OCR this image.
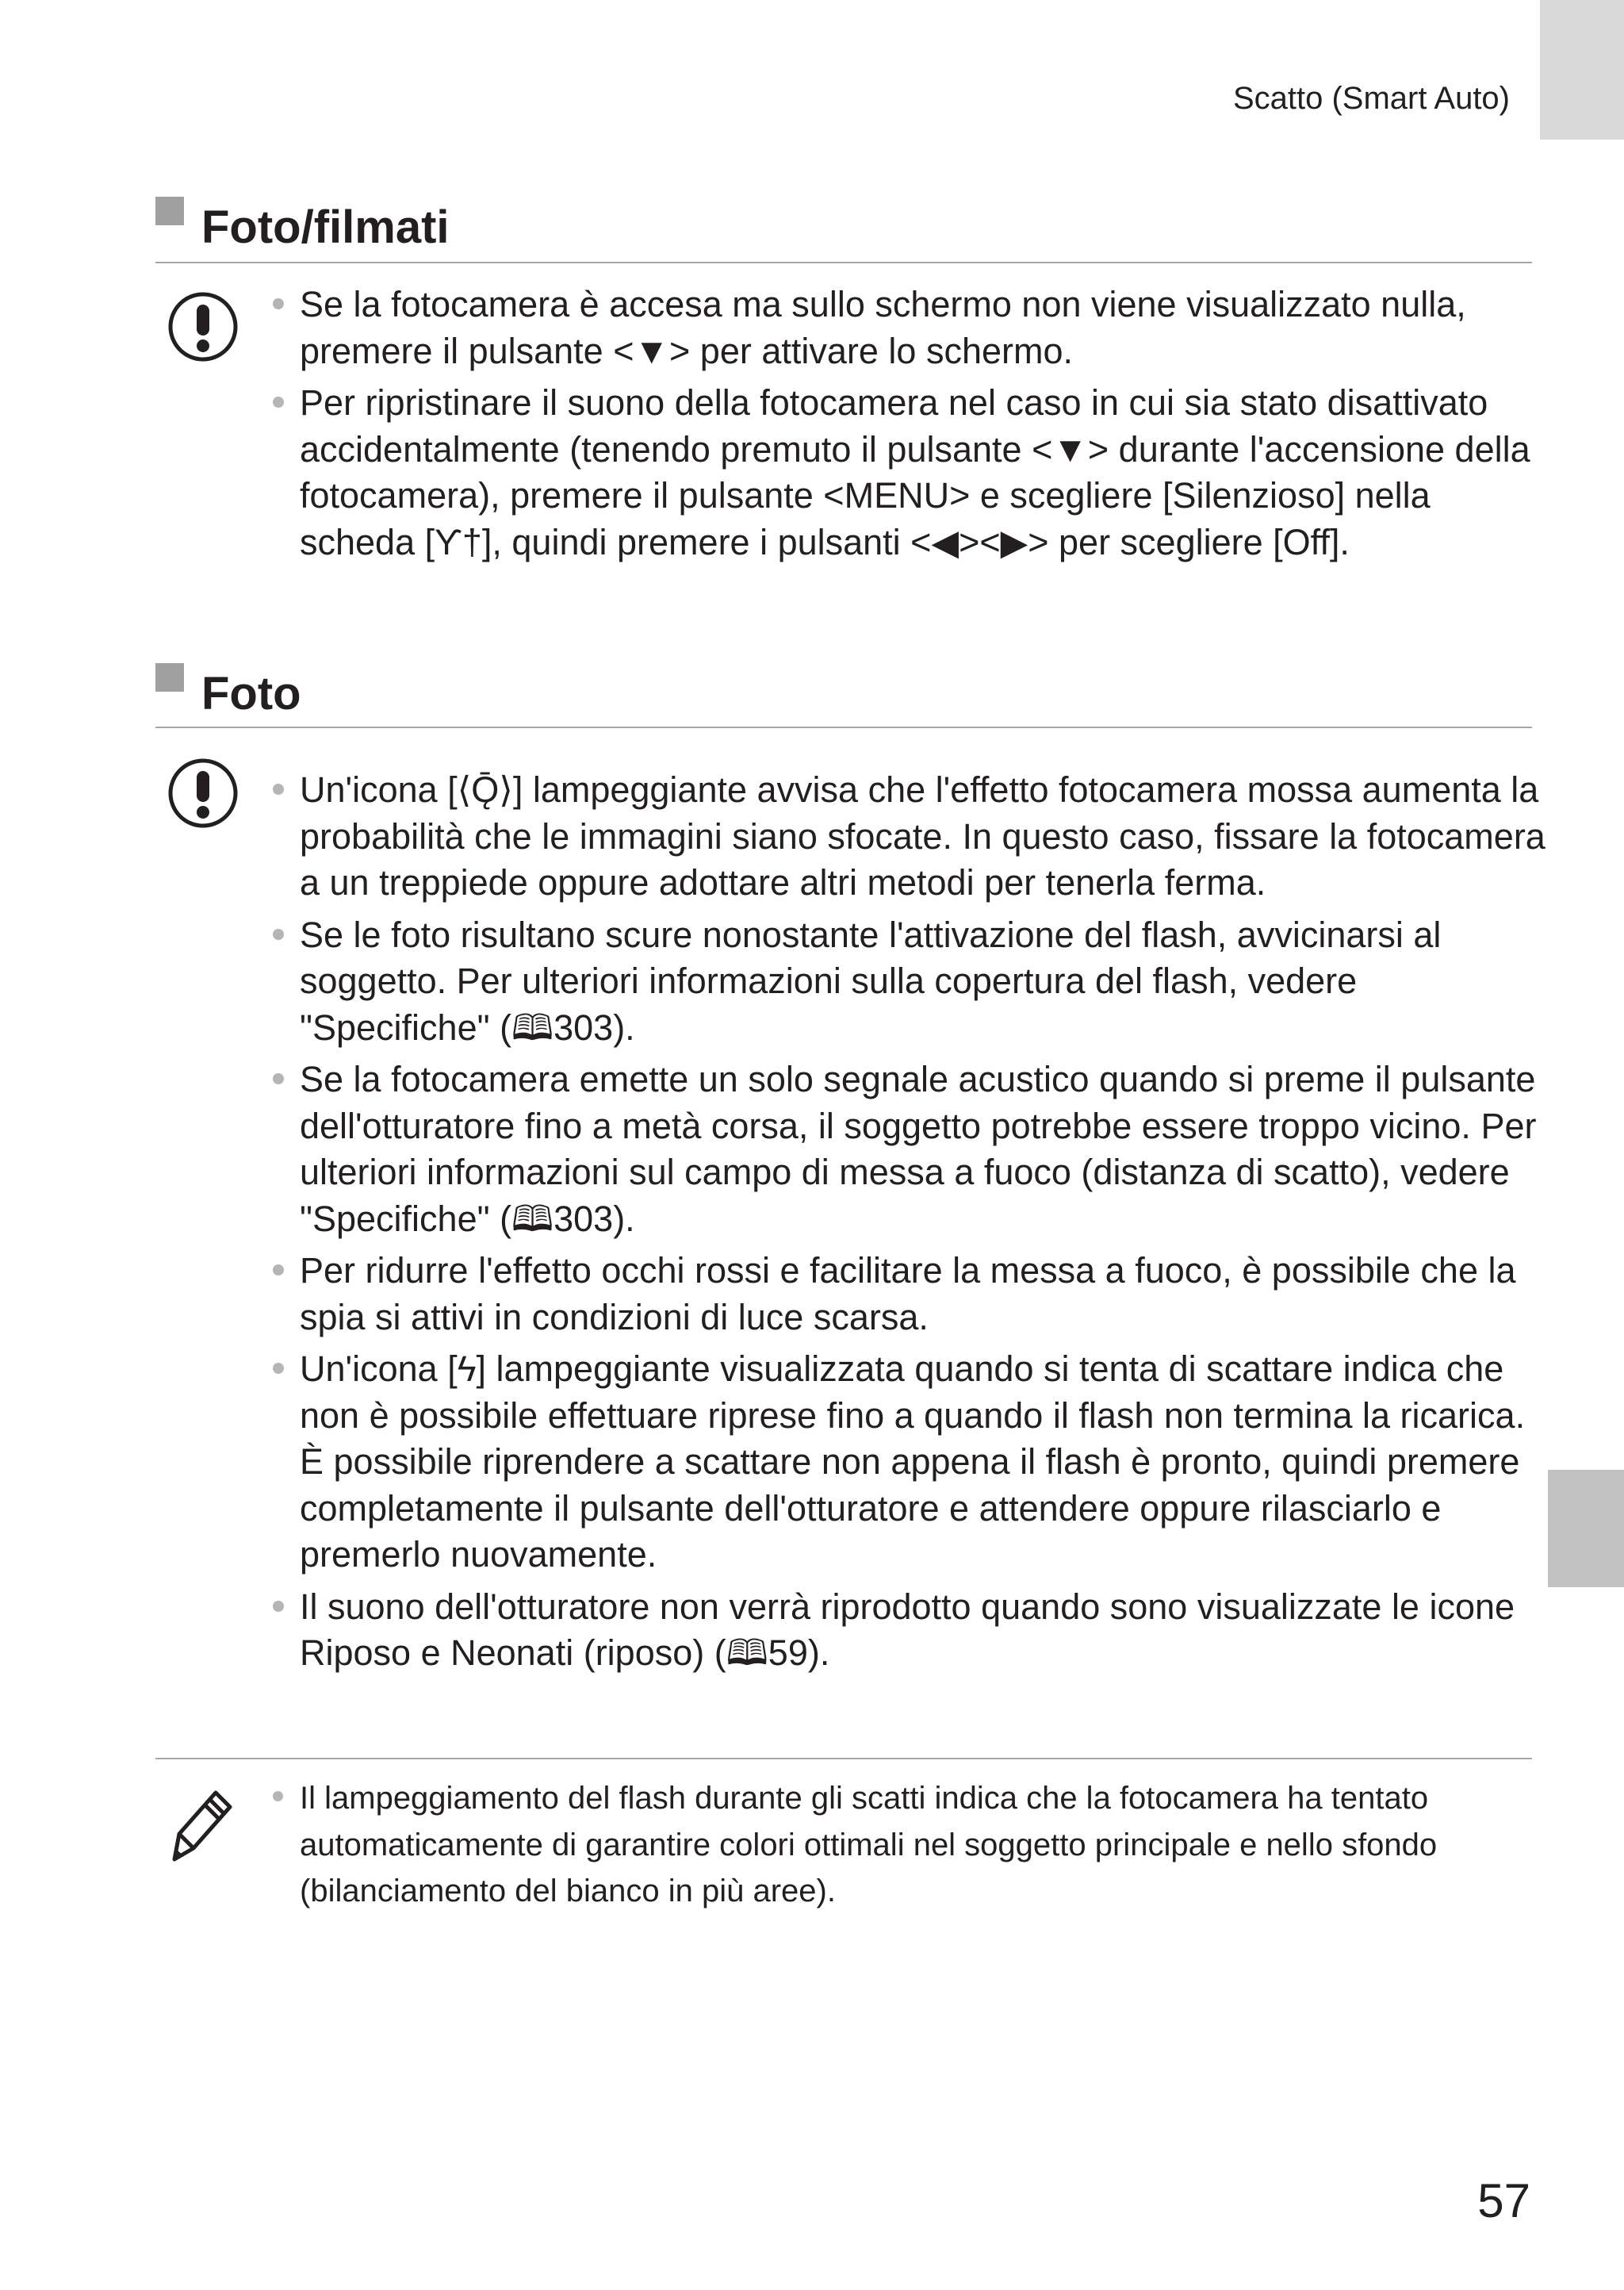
Scatto (Smart Auto)
Foto/filmati
Se la fotocamera è accesa ma sullo schermo non viene visualizzato nulla, premere il pulsante <▼> per attivare lo schermo.
Per ripristinare il suono della fotocamera nel caso in cui sia stato disattivato accidentalmente (tenendo premuto il pulsante <▼> durante l'accensione della fotocamera), premere il pulsante <MENU> e scegliere [Silenzioso] nella scheda [Ƴ†], quindi premere i pulsanti <◀><▶> per scegliere [Off].
Foto
Un'icona [⟨Ǭ⟩] lampeggiante avvisa che l'effetto fotocamera mossa aumenta la probabilità che le immagini siano sfocate. In questo caso, fissare la fotocamera a un treppiede oppure adottare altri metodi per tenerla ferma.
Se le foto risultano scure nonostante l'attivazione del flash, avvicinarsi al soggetto. Per ulteriori informazioni sulla copertura del flash, vedere "Specifiche" (🕮303).
Se la fotocamera emette un solo segnale acustico quando si preme il pulsante dell'otturatore fino a metà corsa, il soggetto potrebbe essere troppo vicino. Per ulteriori informazioni sul campo di messa a fuoco (distanza di scatto), vedere "Specifiche" (🕮303).
Per ridurre l'effetto occhi rossi e facilitare la messa a fuoco, è possibile che la spia si attivi in condizioni di luce scarsa.
Un'icona [ϟ] lampeggiante visualizzata quando si tenta di scattare indica che non è possibile effettuare riprese fino a quando il flash non termina la ricarica. È possibile riprendere a scattare non appena il flash è pronto, quindi premere completamente il pulsante dell'otturatore e attendere oppure rilasciarlo e premerlo nuovamente.
Il suono dell'otturatore non verrà riprodotto quando sono visualizzate le icone Riposo e Neonati (riposo) (🕮59).
Il lampeggiamento del flash durante gli scatti indica che la fotocamera ha tentato automaticamente di garantire colori ottimali nel soggetto principale e nello sfondo (bilanciamento del bianco in più aree).
57
